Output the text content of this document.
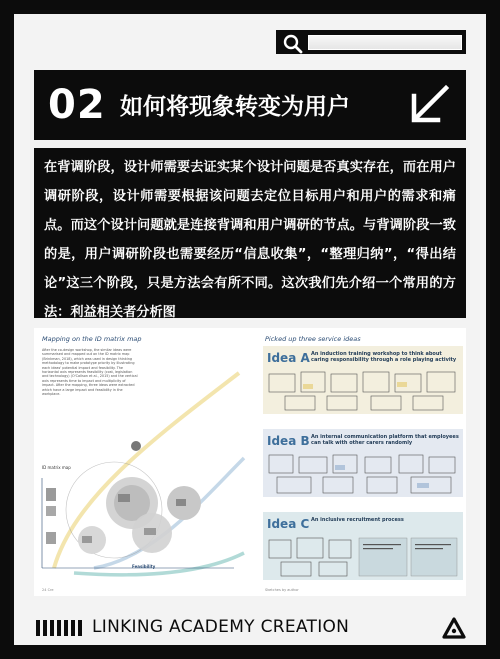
02 如何将现象转变为用户

在背调阶段，设计师需要去证实某个设计问题是否真实存在，而在用户调研阶段，设计师需要根据该问题去定位目标用户和用户的需求和痛点。而这个设计问题就是连接背调和用户调研的节点。与背调阶段一致的是，用户调研阶段也需要经历“信息收集”，“整理归纳”，“得出结论”这三个阶段，只是方法会有所不同。这次我们先介绍一个常用的方法：利益相关者分析图

Mapping on the ID matrix map
After the co-design workshop, the similar ideas were summarised and mapped out on the ID matrix map (Brinkman, 2018), which was used in design thinking methodology to make prototype priority by illustrating each ideas' potential impact and feasibility. The horizontal axis represents feasibility (cost, legislation and technology) (O'Callson et al., 2015) and the vertical axis represents time to impact and multiplicity of impact. After the mapping, three ideas were extracted which have a large impact and feasibility in the workplace.
ID matrix map
Feasibility
24 Cre
Picked up three service ideas
Idea A An induction training workshop to think about caring responsibility through a role playing activity
Idea B An internal communication platform that employees can talk with other carers randomly
Idea C An inclusive recruitment process
Sketches by author
LINKING ACADEMY CREATION
